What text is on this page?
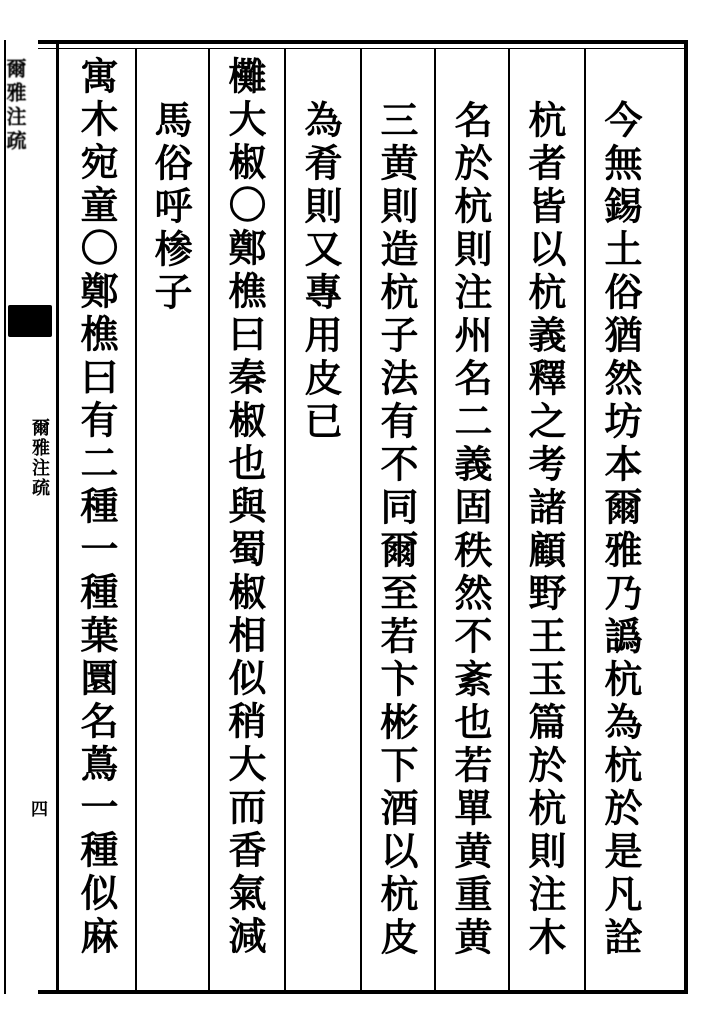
爾雅注疏
爾雅注疏
四	今無錫土俗猶然坊本爾雅乃譌杭為杭於是凡詮
杭者皆以杭義釋之考諸顧野王玉篇於杭則注木
名於杭則注州名二義固秩然不紊也若單黄重黄
三黄則造杭子法有不同爾至若卞彬下酒以杭皮
為肴則又專用皮已
㰙大椒〇鄭樵曰秦椒也與蜀椒相似稍大而香氣減
馬俗呼椮子
寓木宛童〇鄭樵曰有二種一種葉圜名蔦一種似麻
